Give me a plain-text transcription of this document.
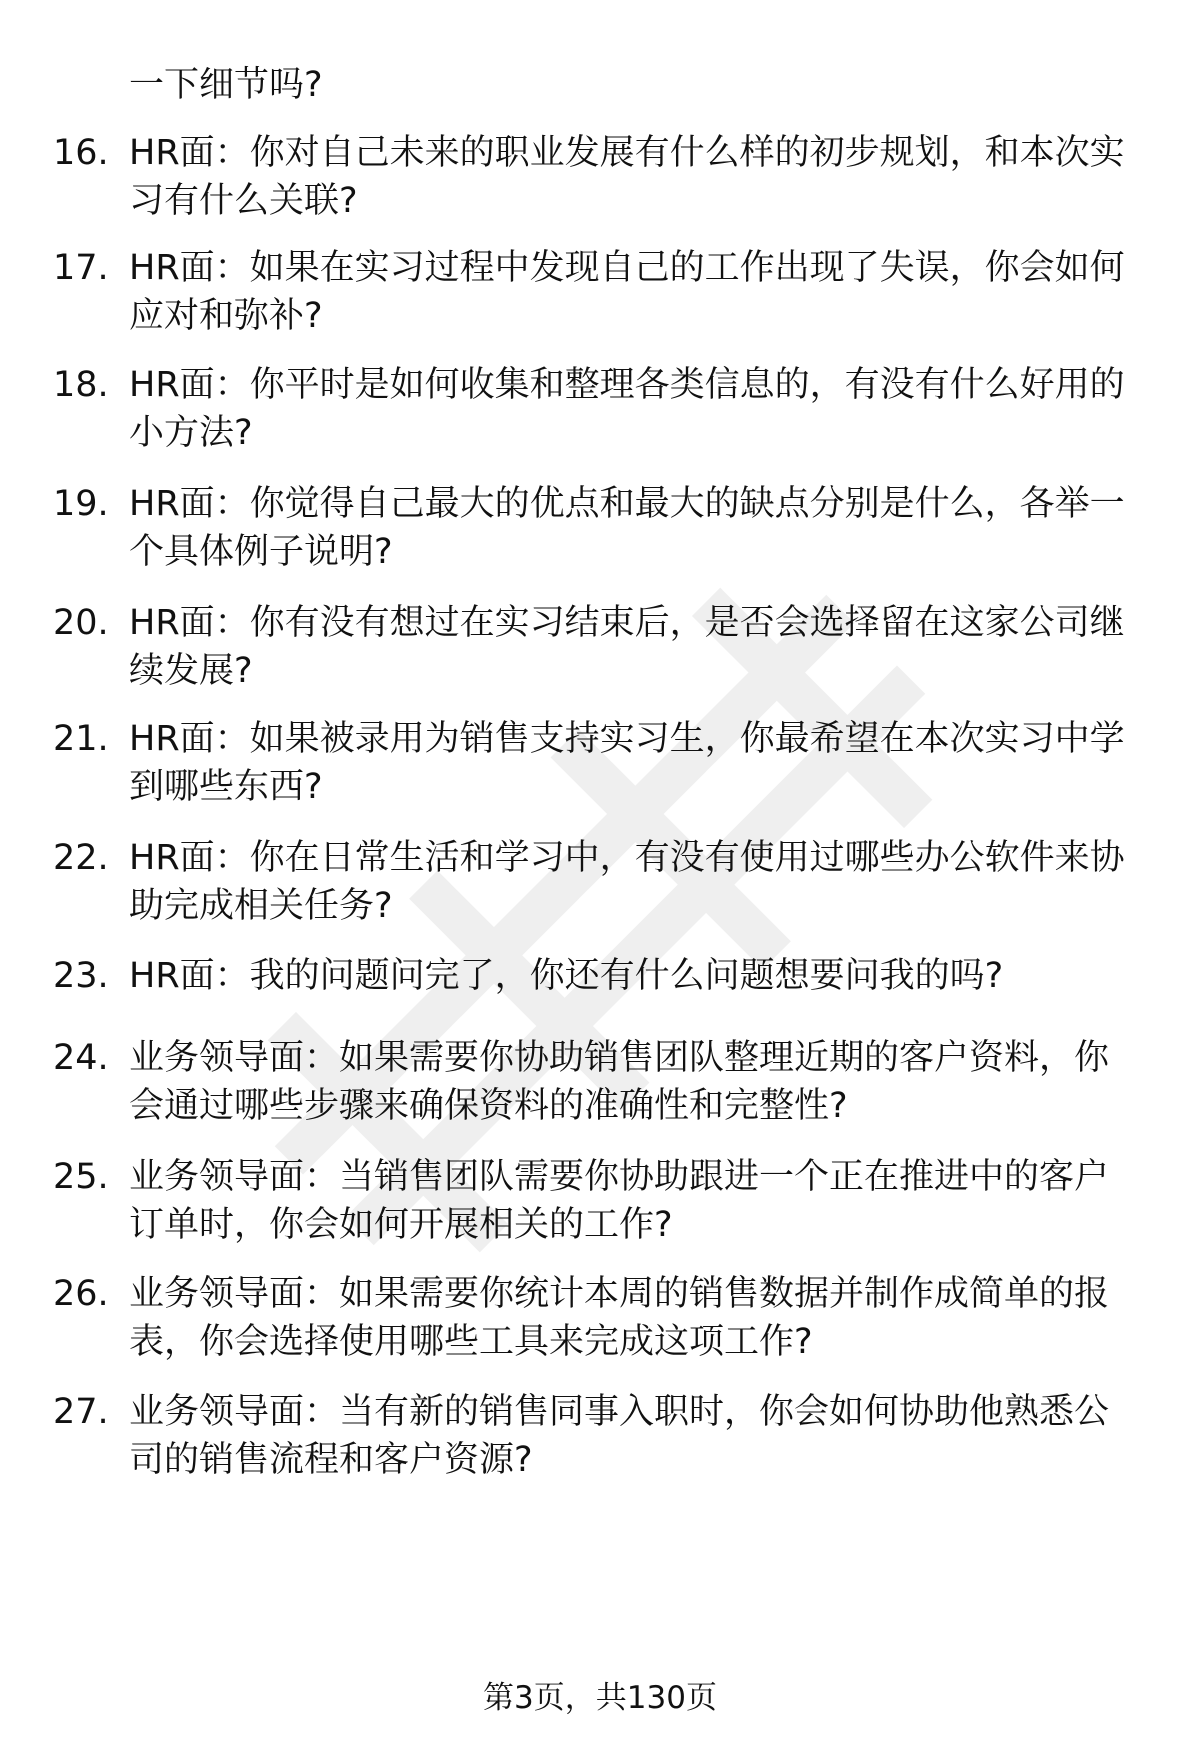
一下细节吗?
16. HR面：你对自己未来的职业发展有什么样的初步规划，和本次实
习有什么关联?
17. HR面：如果在实习过程中发现自己的工作出现了失误，你会如何
应对和弥补?
18. HR面：你平时是如何收集和整理各类信息的，有没有什么好用的
小方法?
19. HR面：你觉得自己最大的优点和最大的缺点分别是什么，各举一
个具体例子说明?
20. HR面：你有没有想过在实习结束后，是否会选择留在这家公司继
续发展?
21. HR面：如果被录用为销售支持实习生，你最希望在本次实习中学
到哪些东西?
22. HR面：你在日常生活和学习中，有没有使用过哪些办公软件来协
助完成相关任务?
23. HR面：我的问题问完了，你还有什么问题想要问我的吗?
24. 业务领导面：如果需要你协助销售团队整理近期的客户资料，你
会通过哪些步骤来确保资料的准确性和完整性?
25. 业务领导面：当销售团队需要你协助跟进一个正在推进中的客户
订单时，你会如何开展相关的工作?
26. 业务领导面：如果需要你统计本周的销售数据并制作成简单的报
表，你会选择使用哪些工具来完成这项工作?
27. 业务领导面：当有新的销售同事入职时，你会如何协助他熟悉公
司的销售流程和客户资源?
第3页，共130页
